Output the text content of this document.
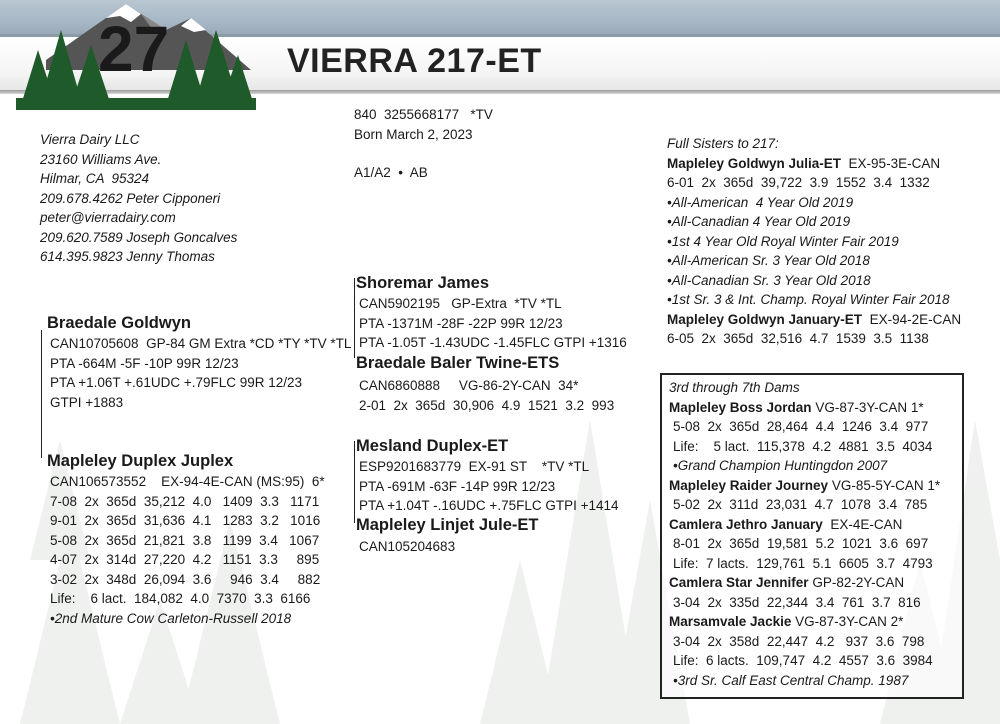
27	VIERRA 217-ET
Vierra Dairy LLC
23160 Williams Ave.
Hilmar, CA  95324
209.678.4262 Peter Cipponeri
peter@vierradairy.com
209.620.7589 Joseph Goncalves
614.395.9823 Jenny Thomas
840  3255668177   *TV
Born March 2, 2023
A1/A2  •  AB
Braedale Goldwyn
CAN10705608  GP-84 GM Extra *CD *TY *TV *TL
PTA -664M -5F -10P 99R 12/23
PTA +1.06T +.61UDC +.79FLC 99R 12/23
GTPI +1883
Mapleley Duplex Juplex
CAN106573552    EX-94-4E-CAN (MS:95)  6*
7-08  2x  365d  35,212  4.0   1409  3.3   1171
9-01  2x  365d  31,636  4.1   1283  3.2   1016
5-08  2x  365d  21,821  3.8   1199  3.4   1067
4-07  2x  314d  27,220  4.2   1151  3.3     895
3-02  2x  348d  26,094  3.6     946  3.4     882
Life:    6 lact.  184,082  4.0  7370  3.3  6166
•2nd Mature Cow Carleton-Russell 2018
Shoremar James
CAN5902195   GP-Extra  *TV *TL
PTA -1371M -28F -22P 99R 12/23
PTA -1.05T -1.43UDC -1.45FLC GTPI +1316
Braedale Baler Twine-ETS
CAN6860888     VG-86-2Y-CAN  34*
2-01  2x  365d  30,906  4.9  1521  3.2  993
Mesland Duplex-ET
ESP9201683779  EX-91 ST    *TV *TL
PTA -691M -63F -14P 99R 12/23
PTA +1.04T -.16UDC +.75FLC GTPI +1414
Mapleley Linjet Jule-ET
CAN105204683
Full Sisters to 217:
Mapleley Goldwyn Julia-ET  EX-95-3E-CAN
6-01  2x  365d  39,722  3.9  1552  3.4  1332
•All-American  4 Year Old 2019
•All-Canadian 4 Year Old 2019
•1st 4 Year Old Royal Winter Fair 2019
•All-American Sr. 3 Year Old 2018
•All-Canadian Sr. 3 Year Old 2018
•1st Sr. 3 & Int. Champ. Royal Winter Fair 2018
Mapleley Goldwyn January-ET  EX-94-2E-CAN
6-05  2x  365d  32,516  4.7  1539  3.5  1138
3rd through 7th Dams
Mapleley Boss Jordan VG-87-3Y-CAN 1*
5-08  2x  365d  28,464  4.4  1246  3.4  977
Life:    5 lact.  115,378  4.2  4881  3.5  4034
•Grand Champion Huntingdon 2007
Mapleley Raider Journey VG-85-5Y-CAN 1*
5-02  2x  311d  23,031  4.7  1078  3.4  785
Camlera Jethro January  EX-4E-CAN
8-01  2x  365d  19,581  5.2  1021  3.6  697
Life:  7 lacts.  129,761  5.1  6605  3.7  4793
Camlera Star Jennifer GP-82-2Y-CAN
3-04  2x  335d  22,344  3.4  761  3.7  816
Marsamvale Jackie VG-87-3Y-CAN 2*
3-04  2x  358d  22,447  4.2   937  3.6  798
Life:  6 lacts.  109,747  4.2  4557  3.6  3984
•3rd Sr. Calf East Central Champ. 1987
